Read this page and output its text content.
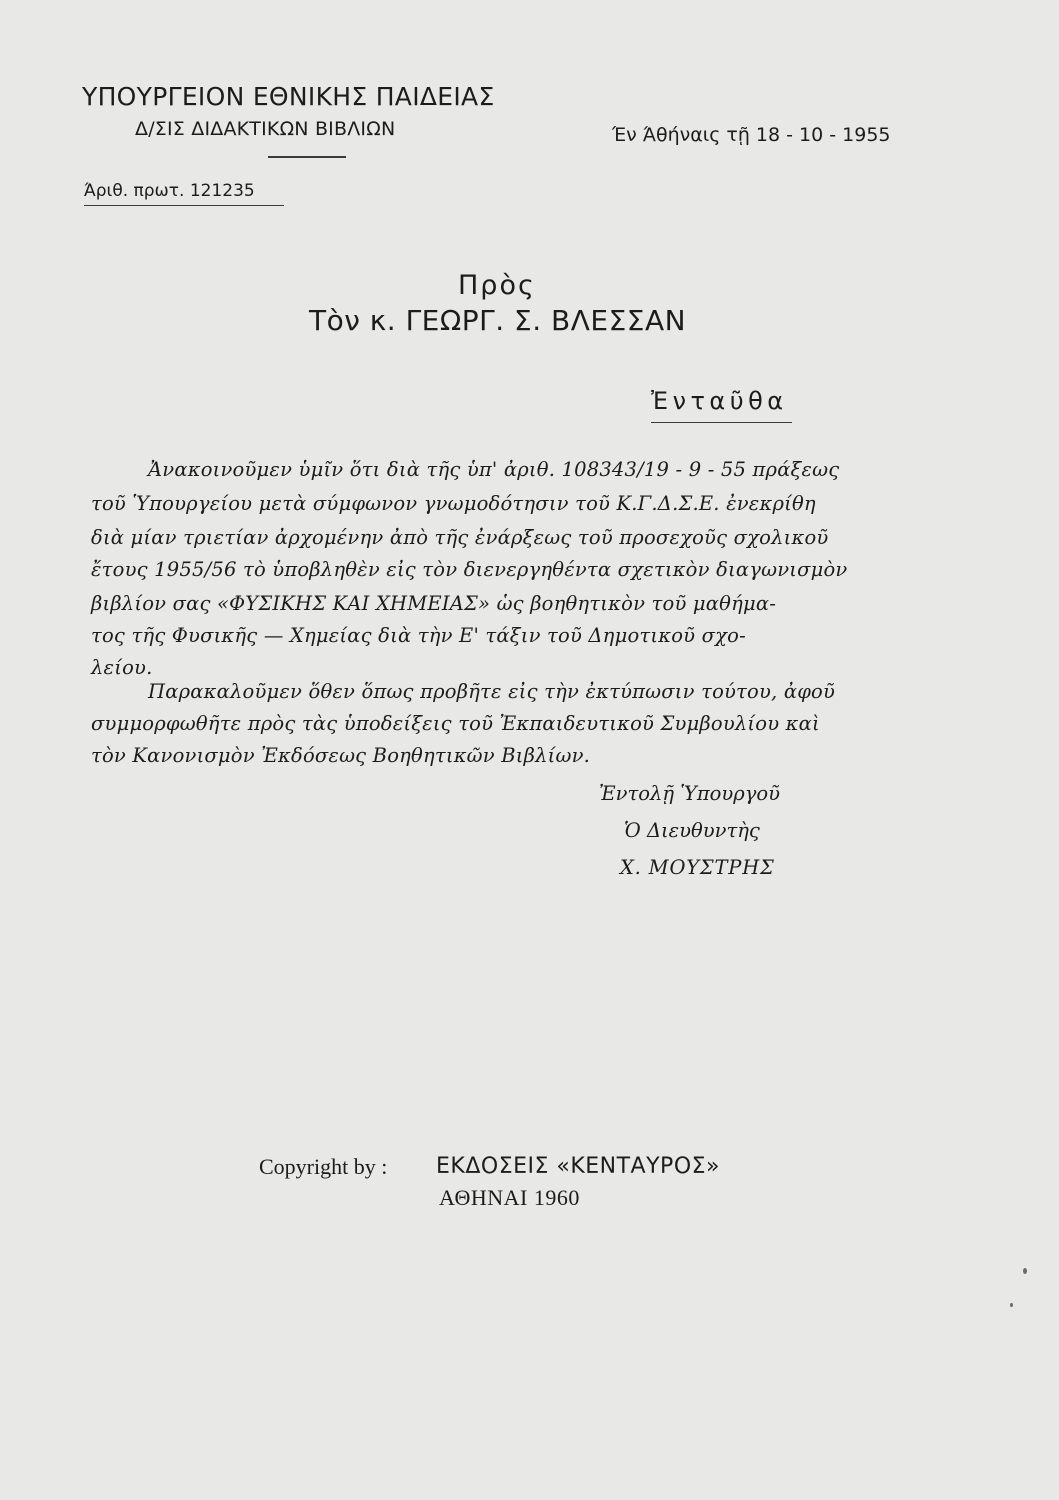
ΥΠΟΥΡΓΕΙΟΝ ΕΘΝΙΚΗΣ ΠΑΙΔΕΙΑΣ
Δ/ΣΙΣ ΔΙΔΑΚΤΙΚΩΝ ΒΙΒΛΙΩΝ	Έν Άθήναις τῇ 18 - 10 - 1955
Άριθ. πρωτ. 121235
Πρὸς
Τὸν κ. ΓΕΩΡΓ. Σ. ΒΛΕΣΣΑΝ
Ἐνταῦθα
Ἀνακοινοῦμεν ὑμῖν ὅτι διὰ τῆς ὑπ' ἀριθ. 108343/19 - 9 - 55 πράξεως
τοῦ Ὑπουργείου μετὰ σύμφωνον γνωμοδότησιν τοῦ Κ.Γ.Δ.Σ.Ε. ἐνεκρίθη
διὰ μίαν τριετίαν ἀρχομένην ἀπὸ τῆς ἐνάρξεως τοῦ προσεχοῦς σχολικοῦ
ἔτους 1955/56 τὸ ὑποβληθὲν εἰς τὸν διενεργηθέντα σχετικὸν διαγωνισμὸν
βιβλίον σας «ΦΥΣΙΚΗΣ ΚΑΙ ΧΗΜΕΙΑΣ» ὡς βοηθητικὸν τοῦ μαθήμα-
τος τῆς Φυσικῆς — Χημείας διὰ τὴν Ε' τάξιν τοῦ Δημοτικοῦ σχο-
λείου.
Παρακαλοῦμεν ὅθεν ὅπως προβῆτε εἰς τὴν ἐκτύπωσιν τούτου, ἀφοῦ
συμμορφωθῆτε πρὸς τὰς ὑποδείξεις τοῦ Ἐκπαιδευτικοῦ Συμβουλίου καὶ
τὸν Κανονισμὸν Ἐκδόσεως Βοηθητικῶν Βιβλίων.
Ἐντολῇ Ὑπουργοῦ
Ὁ Διευθυντὴς
Χ. ΜΟΥΣΤΡΗΣ
Copyright by : ΕΚΔΟΣΕΙΣ «ΚΕΝΤΑΥΡΟΣ»
ΑΘΗΝΑΙ 1960
